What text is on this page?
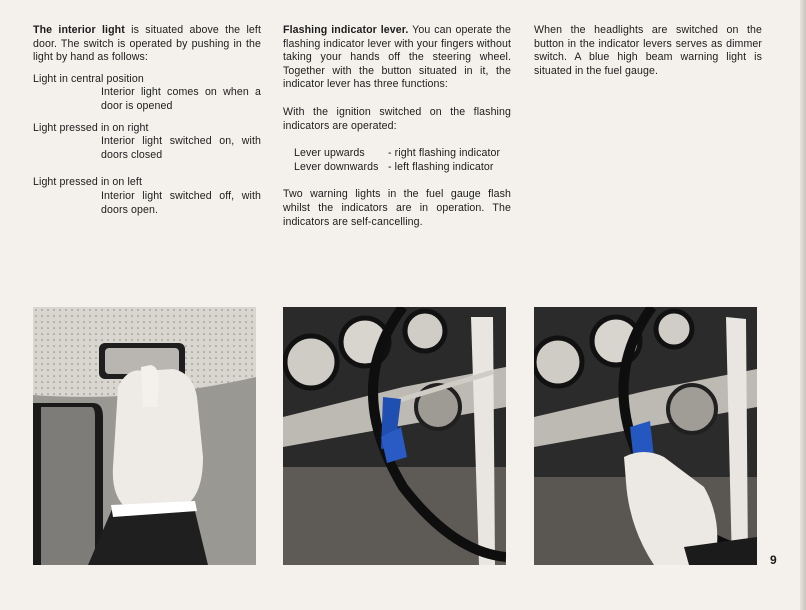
The interior light is situated above the left door. The switch is operated by pushing in the light by hand as follows:

Light in central position

Interior light comes on when a door is opened

Light pressed in on right

Interior light switched on, with doors closed

Light pressed in on left

Interior light switched off, with doors open.

Flashing indicator lever. You can operate the flashing indicator lever with your fingers without taking your hands off the steering wheel. Together with the button situated in it, the indicator lever has three functions:

With the ignition switched on the flashing indicators are operated:

Lever upwards	- right flashing indicator
Lever downwards - left flashing indicator

Two warning lights in the fuel gauge flash whilst the indicators are in operation. The indicators are self-cancelling.

When the headlights are switched on the button in the indicator levers serves as dimmer switch. A blue high beam warning light is situated in the fuel gauge.

9
